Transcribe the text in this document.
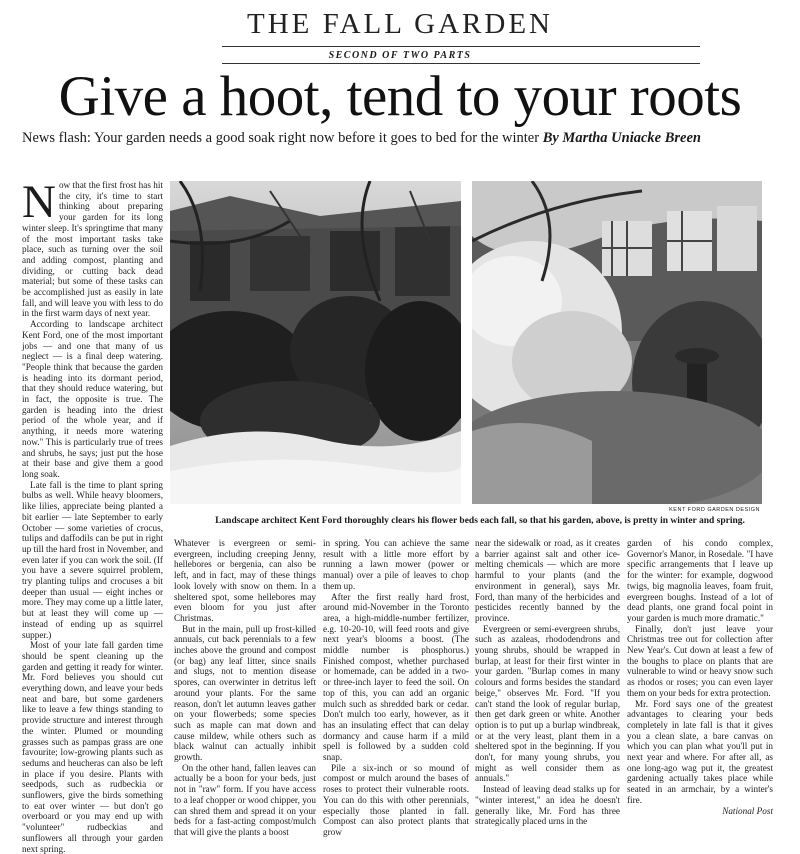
THE FALL GARDEN
SECOND OF TWO PARTS
Give a hoot, tend to your roots
News flash: Your garden needs a good soak right now before it goes to bed for the winter By Martha Uniacke Breen

Now that the first frost has hit the city, it's time to start thinking about preparing your garden for its long winter sleep. It's springtime that many of the most important tasks take place, such as turning over the soil and adding compost, planting and dividing, or cutting back dead material; but some of these tasks can be accomplished just as easily in late fall, and will leave you with less to do in the first warm days of next year.

According to landscape architect Kent Ford, one of the most important jobs — and one that many of us neglect — is a final deep watering. "People think that because the garden is heading into its dormant period, that they should reduce watering, but in fact, the opposite is true. The garden is heading into the driest period of the whole year, and if anything, it needs more watering now." This is particularly true of trees and shrubs, he says; just put the hose at their base and give them a good long soak.

Late fall is the time to plant spring bulbs as well. While heavy bloomers, like lilies, appreciate being planted a bit earlier — late September to early October — some varieties of crocus, tulips and daffodils can be put in right up till the hard frost in November, and even later if you can work the soil. (If you have a severe squirrel problem, try planting tulips and crocuses a bit deeper than usual — eight inches or more. They may come up a little later, but at least they will come up — instead of ending up as squirrel supper.)

Most of your late fall garden time should be spent cleaning up the garden and getting it ready for winter. Mr. Ford believes you should cut everything down, and leave your beds neat and bare, but some gardeners like to leave a few things standing to provide structure and interest through the winter. Plumed or mounding grasses such as pampas grass are one favourite; low-growing plants such as sedums and heucheras can also be left in place if you desire. Plants with seedpods, such as rudbeckia or sunflowers, give the birds something to eat over winter — but don't go overboard or you may end up with "volunteer" rudbeckias and sunflowers all through your garden next spring.

KENT FORD GARDEN DESIGN
Landscape architect Kent Ford thoroughly clears his flower beds each fall, so that his garden, above, is pretty in winter and spring.

Whatever is evergreen or semi-evergreen, including creeping Jenny, hellebores or bergenia, can also be left, and in fact, may of these things look lovely with snow on them. In a sheltered spot, some hellebores may even bloom for you just after Christmas.

But in the main, pull up frost-killed annuals, cut back perennials to a few inches above the ground and compost (or bag) any leaf litter, since snails and slugs, not to mention disease spores, can overwinter in detritus left around your plants. For the same reason, don't let autumn leaves gather on your flowerbeds; some species such as maple can mat down and cause mildew, while others such as black walnut can actually inhibit growth.

On the other hand, fallen leaves can actually be a boon for your beds, just not in "raw" form. If you have access to a leaf chopper or wood chipper, you can shred them and spread it on your beds for a fast-acting compost/mulch that will give the plants a boost

in spring. You can achieve the same result with a little more effort by running a lawn mower (power or manual) over a pile of leaves to chop them up.

After the first really hard frost, around mid-November in the Toronto area, a high-middle-number fertilizer, e.g. 10-20-10, will feed roots and give next year's blooms a boost. (The middle number is phosphorus.) Finished compost, whether purchased or homemade, can be added in a two- or three-inch layer to feed the soil. On top of this, you can add an organic mulch such as shredded bark or cedar. Don't mulch too early, however, as it has an insulating effect that can delay dormancy and cause harm if a mild spell is followed by a sudden cold snap.

Pile a six-inch or so mound of compost or mulch around the bases of roses to protect their vulnerable roots. You can do this with other perennials, especially those planted in fall. Compost can also protect plants that grow

near the sidewalk or road, as it creates a barrier against salt and other ice-melting chemicals — which are more harmful to your plants (and the environment in general), says Mr. Ford, than many of the herbicides and pesticides recently banned by the province.

Evergreen or semi-evergreen shrubs, such as azaleas, rhododendrons and young shrubs, should be wrapped in burlap, at least for their first winter in your garden. "Burlap comes in many colours and forms besides the standard beige," observes Mr. Ford. "If you can't stand the look of regular burlap, then get dark green or white. Another option is to put up a burlap windbreak, or at the very least, plant them in a sheltered spot in the beginning. If you don't, for many young shrubs, you might as well consider them as annuals."

Instead of leaving dead stalks up for "winter interest," an idea he doesn't generally like, Mr. Ford has three strategically placed urns in the

garden of his condo complex, Governor's Manor, in Rosedale. "I have specific arrangements that I leave up for the winter: for example, dogwood twigs, big magnolia leaves, foam fruit, evergreen boughs. Instead of a lot of dead plants, one grand focal point in your garden is much more dramatic."

Finally, don't just leave your Christmas tree out for collection after New Year's. Cut down at least a few of the boughs to place on plants that are vulnerable to wind or heavy snow such as rhodos or roses; you can even layer them on your beds for extra protection.

Mr. Ford says one of the greatest advantages to clearing your beds completely in late fall is that it gives you a clean slate, a bare canvas on which you can plan what you'll put in next year and where. For after all, as one long-ago wag put it, the greatest gardening actually takes place while seated in an armchair, by a winter's fire.

National Post
